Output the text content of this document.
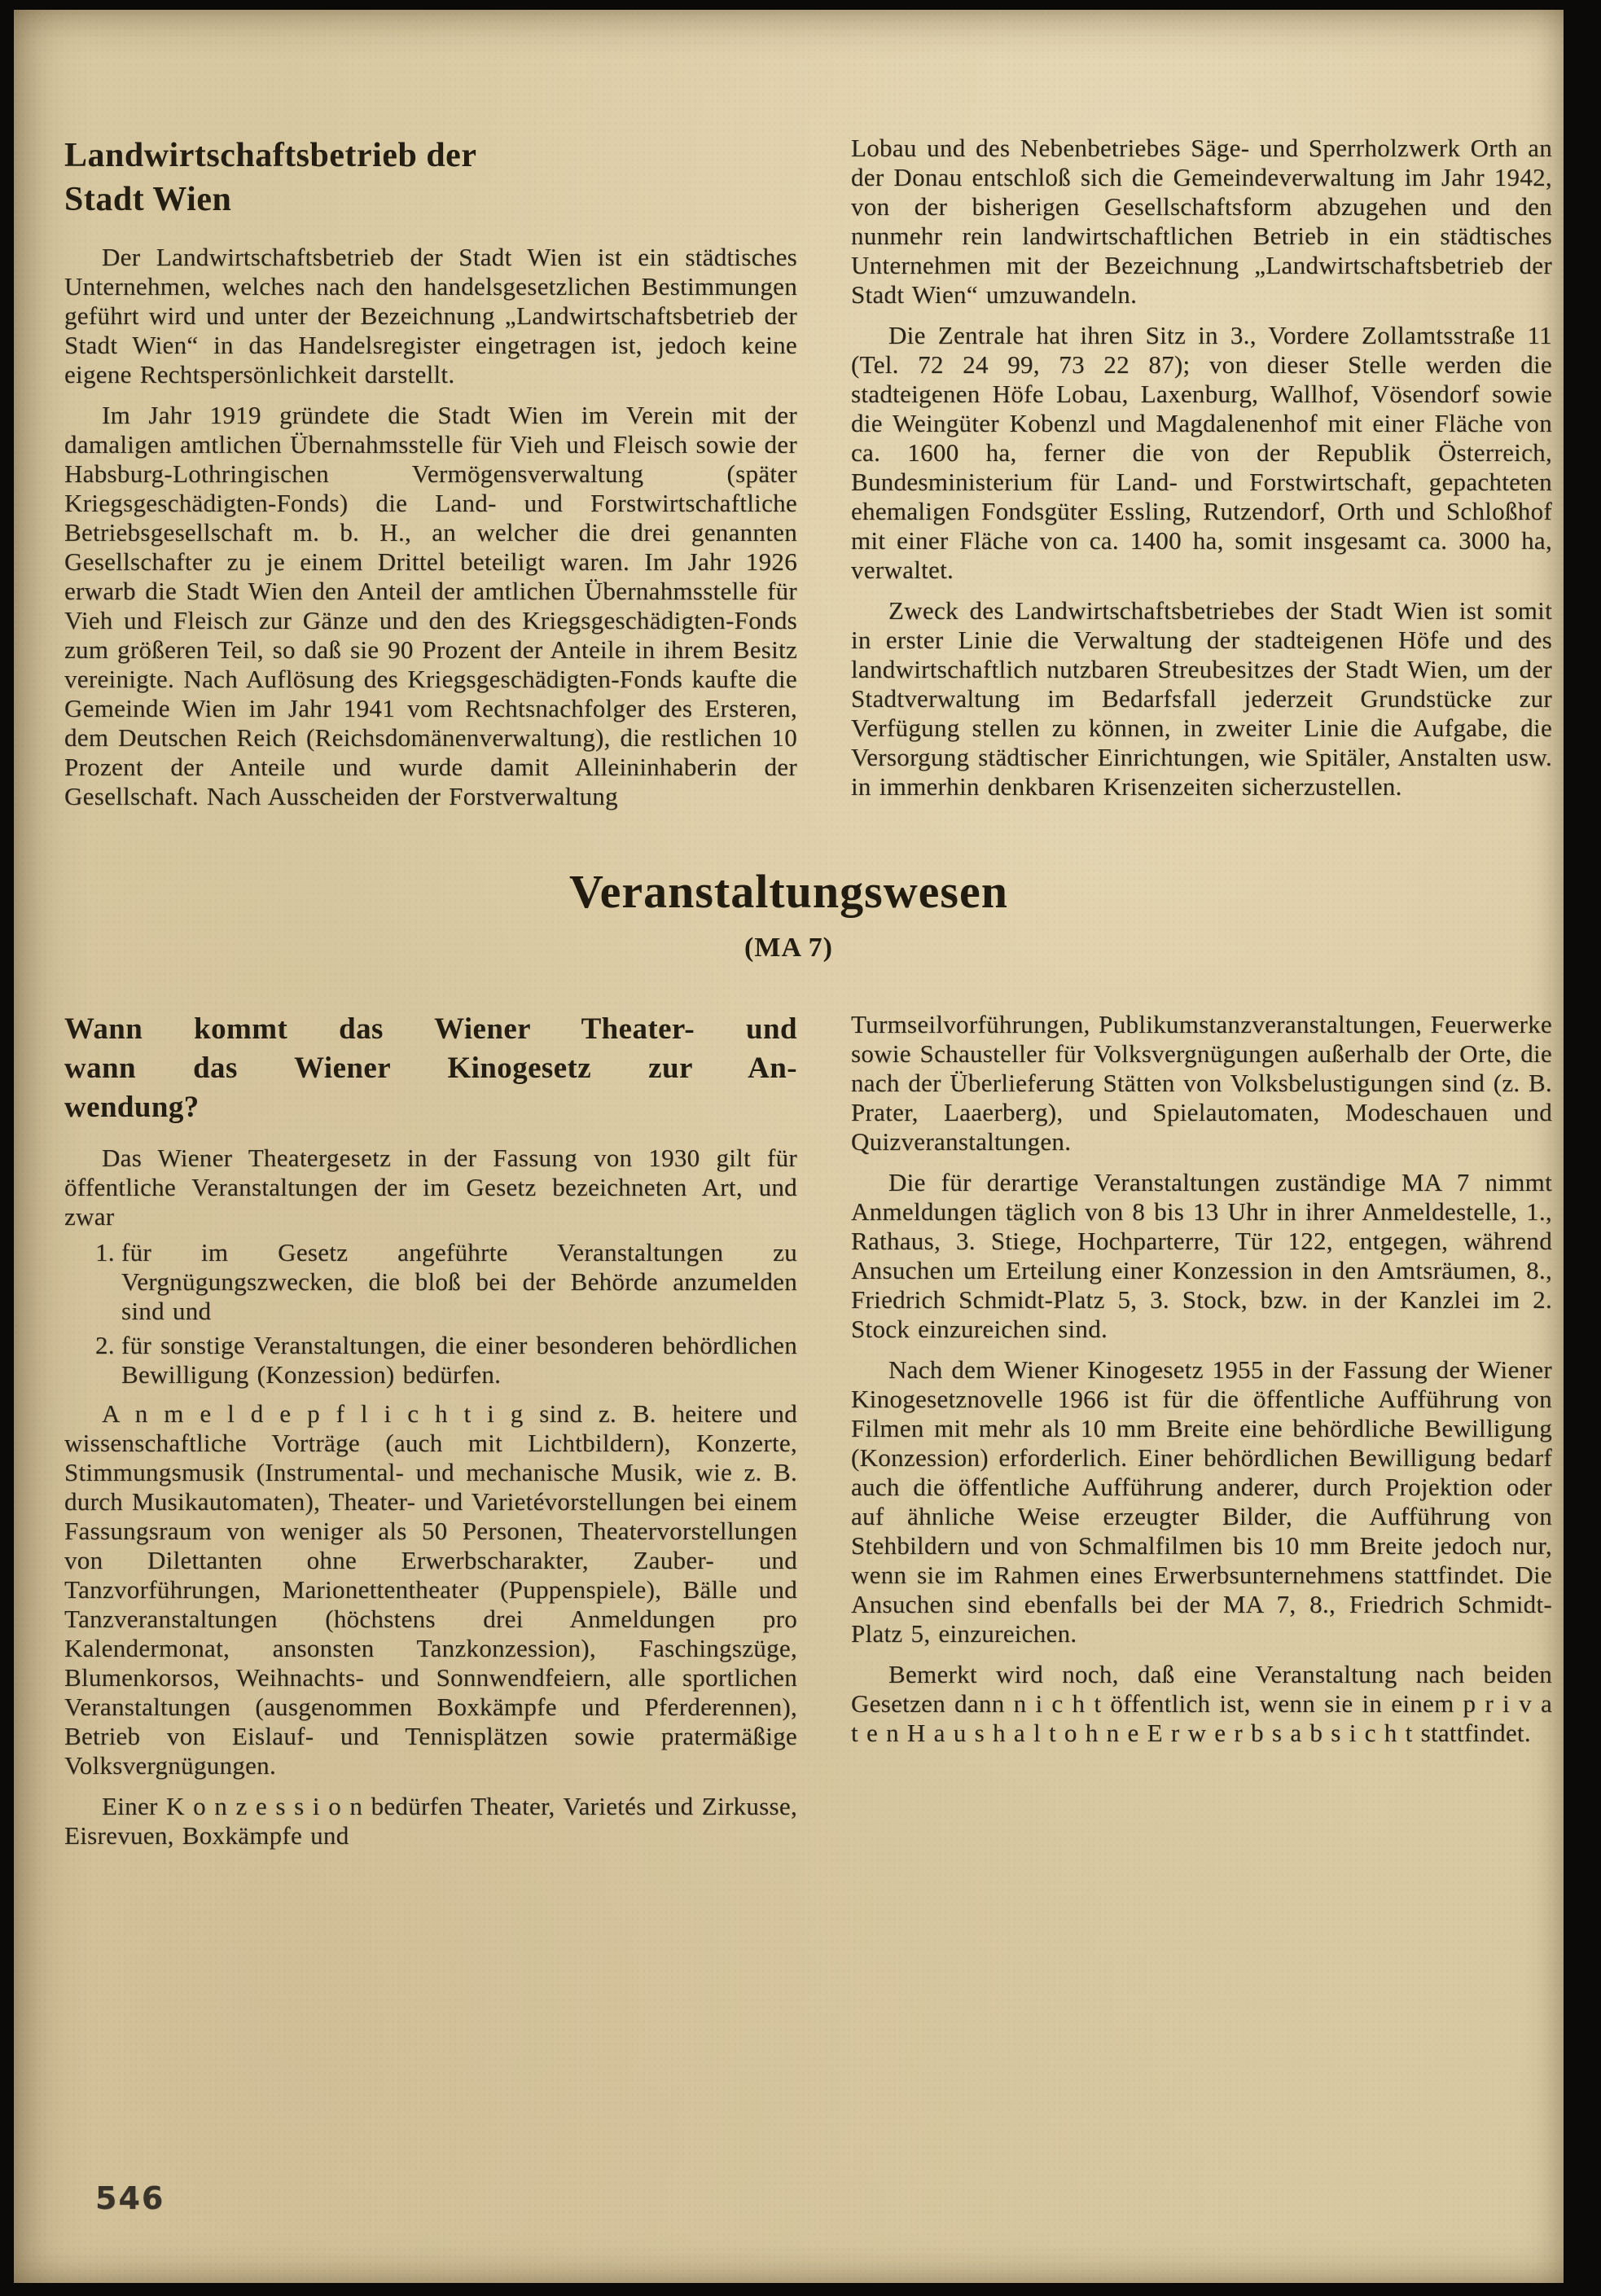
Landwirtschaftsbetrieb der
Stadt Wien

Der Landwirtschaftsbetrieb der Stadt Wien ist ein städtisches Unternehmen, welches nach den handelsgesetzlichen Bestimmungen geführt wird und unter der Bezeichnung „Landwirtschaftsbetrieb der Stadt Wien“ in das Handelsregister eingetragen ist, jedoch keine eigene Rechtspersönlichkeit darstellt.

Im Jahr 1919 gründete die Stadt Wien im Verein mit der damaligen amtlichen Übernahmsstelle für Vieh und Fleisch sowie der Habsburg-Lothringischen Vermögensverwaltung (später Kriegsgeschädigten-Fonds) die Land- und Forstwirtschaftliche Betriebsgesellschaft m. b. H., an welcher die drei genannten Gesellschafter zu je einem Drittel beteiligt waren. Im Jahr 1926 erwarb die Stadt Wien den Anteil der amtlichen Übernahmsstelle für Vieh und Fleisch zur Gänze und den des Kriegsgeschädigten-Fonds zum größeren Teil, so daß sie 90 Prozent der Anteile in ihrem Besitz vereinigte. Nach Auflösung des Kriegsgeschädigten-Fonds kaufte die Gemeinde Wien im Jahr 1941 vom Rechtsnachfolger des Ersteren, dem Deutschen Reich (Reichsdomänenverwaltung), die restlichen 10 Prozent der Anteile und wurde damit Alleininhaberin der Gesellschaft. Nach Ausscheiden der Forstverwaltung

Lobau und des Nebenbetriebes Säge- und Sperrholzwerk Orth an der Donau entschloß sich die Gemeindeverwaltung im Jahr 1942, von der bisherigen Gesellschaftsform abzugehen und den nunmehr rein landwirtschaftlichen Betrieb in ein städtisches Unternehmen mit der Bezeichnung „Landwirtschaftsbetrieb der Stadt Wien“ umzuwandeln.

Die Zentrale hat ihren Sitz in 3., Vordere Zollamtsstraße 11 (Tel. 72 24 99, 73 22 87); von dieser Stelle werden die stadteigenen Höfe Lobau, Laxenburg, Wallhof, Vösendorf sowie die Weingüter Kobenzl und Magdalenenhof mit einer Fläche von ca. 1600 ha, ferner die von der Republik Österreich, Bundesministerium für Land- und Forstwirtschaft, gepachteten ehemaligen Fondsgüter Essling, Rutzendorf, Orth und Schloßhof mit einer Fläche von ca. 1400 ha, somit insgesamt ca. 3000 ha, verwaltet.

Zweck des Landwirtschaftsbetriebes der Stadt Wien ist somit in erster Linie die Verwaltung der stadteigenen Höfe und des landwirtschaftlich nutzbaren Streubesitzes der Stadt Wien, um der Stadtverwaltung im Bedarfsfall jederzeit Grundstücke zur Verfügung stellen zu können, in zweiter Linie die Aufgabe, die Versorgung städtischer Einrichtungen, wie Spitäler, Anstalten usw. in immerhin denkbaren Krisenzeiten sicherzustellen.

Veranstaltungswesen
(MA 7)
Wann kommt das Wiener Theater- und
wann das Wiener Kinogesetz zur An-
wendung?

Das Wiener Theatergesetz in der Fassung von 1930 gilt für öffentliche Veranstaltungen der im Gesetz bezeichneten Art, und zwar

1. für im Gesetz angeführte Veranstaltungen zu Vergnügungszwecken, die bloß bei der Behörde anzumelden sind und
2. für sonstige Veranstaltungen, die einer besonderen behördlichen Bewilligung (Konzession) bedürfen.

A n m e l d e p f l i c h t i g sind z. B. heitere und wissenschaftliche Vorträge (auch mit Lichtbildern), Konzerte, Stimmungsmusik (Instrumental- und mechanische Musik, wie z. B. durch Musikautomaten), Theater- und Varietévorstellungen bei einem Fassungsraum von weniger als 50 Personen, Theatervorstellungen von Dilettanten ohne Erwerbscharakter, Zauber- und Tanzvorführungen, Marionettentheater (Puppenspiele), Bälle und Tanzveranstaltungen (höchstens drei Anmeldungen pro Kalendermonat, ansonsten Tanzkonzession), Faschingszüge, Blumenkorsos, Weihnachts- und Sonnwendfeiern, alle sportlichen Veranstaltungen (ausgenommen Boxkämpfe und Pferderennen), Betrieb von Eislauf- und Tennisplätzen sowie pratermäßige Volksvergnügungen.

Einer K o n z e s s i o n bedürfen Theater, Varietés und Zirkusse, Eisrevuen, Boxkämpfe und

Turmseilvorführungen, Publikumstanzveranstaltungen, Feuerwerke sowie Schausteller für Volksvergnügungen außerhalb der Orte, die nach der Überlieferung Stätten von Volksbelustigungen sind (z. B. Prater, Laaerberg), und Spielautomaten, Modeschauen und Quizveranstaltungen.

Die für derartige Veranstaltungen zuständige MA 7 nimmt Anmeldungen täglich von 8 bis 13 Uhr in ihrer Anmeldestelle, 1., Rathaus, 3. Stiege, Hochparterre, Tür 122, entgegen, während Ansuchen um Erteilung einer Konzession in den Amtsräumen, 8., Friedrich Schmidt-Platz 5, 3. Stock, bzw. in der Kanzlei im 2. Stock einzureichen sind.

Nach dem Wiener Kinogesetz 1955 in der Fassung der Wiener Kinogesetznovelle 1966 ist für die öffentliche Aufführung von Filmen mit mehr als 10 mm Breite eine behördliche Bewilligung (Konzession) erforderlich. Einer behördlichen Bewilligung bedarf auch die öffentliche Aufführung anderer, durch Projektion oder auf ähnliche Weise erzeugter Bilder, die Aufführung von Stehbildern und von Schmalfilmen bis 10 mm Breite jedoch nur, wenn sie im Rahmen eines Erwerbsunternehmens stattfindet. Die Ansuchen sind ebenfalls bei der MA 7, 8., Friedrich Schmidt-Platz 5, einzureichen.

Bemerkt wird noch, daß eine Veranstaltung nach beiden Gesetzen dann n i c h t öffentlich ist, wenn sie in einem p r i v a t e n H a u s h a l t o h n e E r w e r b s a b s i c h t stattfindet.

546
